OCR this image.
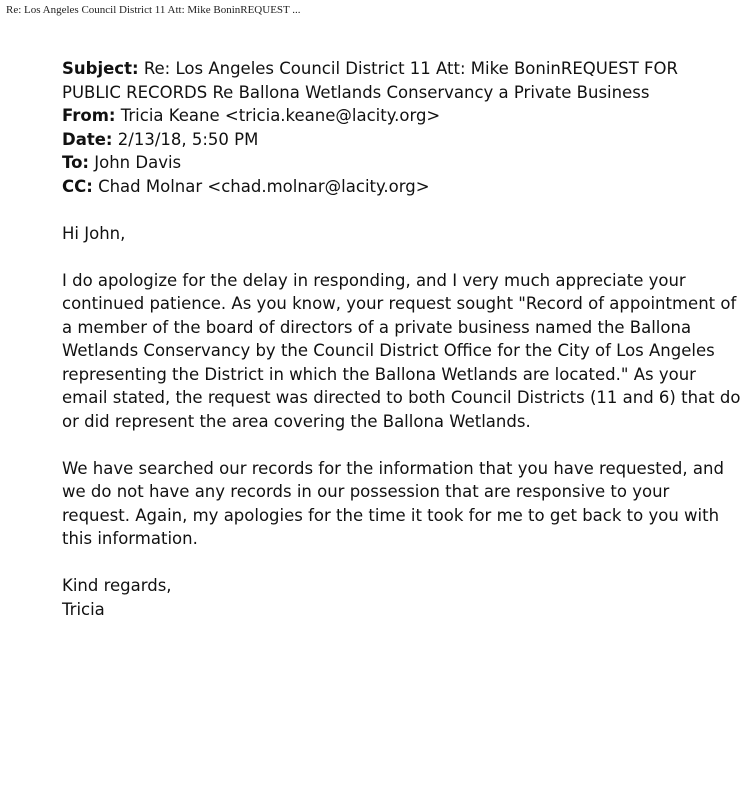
Re: Los Angeles Council District 11 Att: Mike BoninREQUEST ...

Subject: Re: Los Angeles Council District 11 Att: Mike BoninREQUEST FOR PUBLIC RECORDS Re Ballona Wetlands Conservancy a Private Business

From: Tricia Keane <tricia.keane@lacity.org>

Date: 2/13/18, 5:50 PM

To: John Davis

CC: Chad Molnar <chad.molnar@lacity.org>

Hi John,

I do apologize for the delay in responding, and I very much appreciate your continued patience. As you know, your request sought "Record of appointment of a member of the board of directors of a private business named the Ballona Wetlands Conservancy by the Council District Office for the City of Los Angeles representing the District in which the Ballona Wetlands are located." As your email stated, the request was directed to both Council Districts (11 and 6) that do or did represent the area covering the Ballona Wetlands.

We have searched our records for the information that you have requested, and we do not have any records in our possession that are responsive to your request. Again, my apologies for the time it took for me to get back to you with this information.

Kind regards,

Tricia
